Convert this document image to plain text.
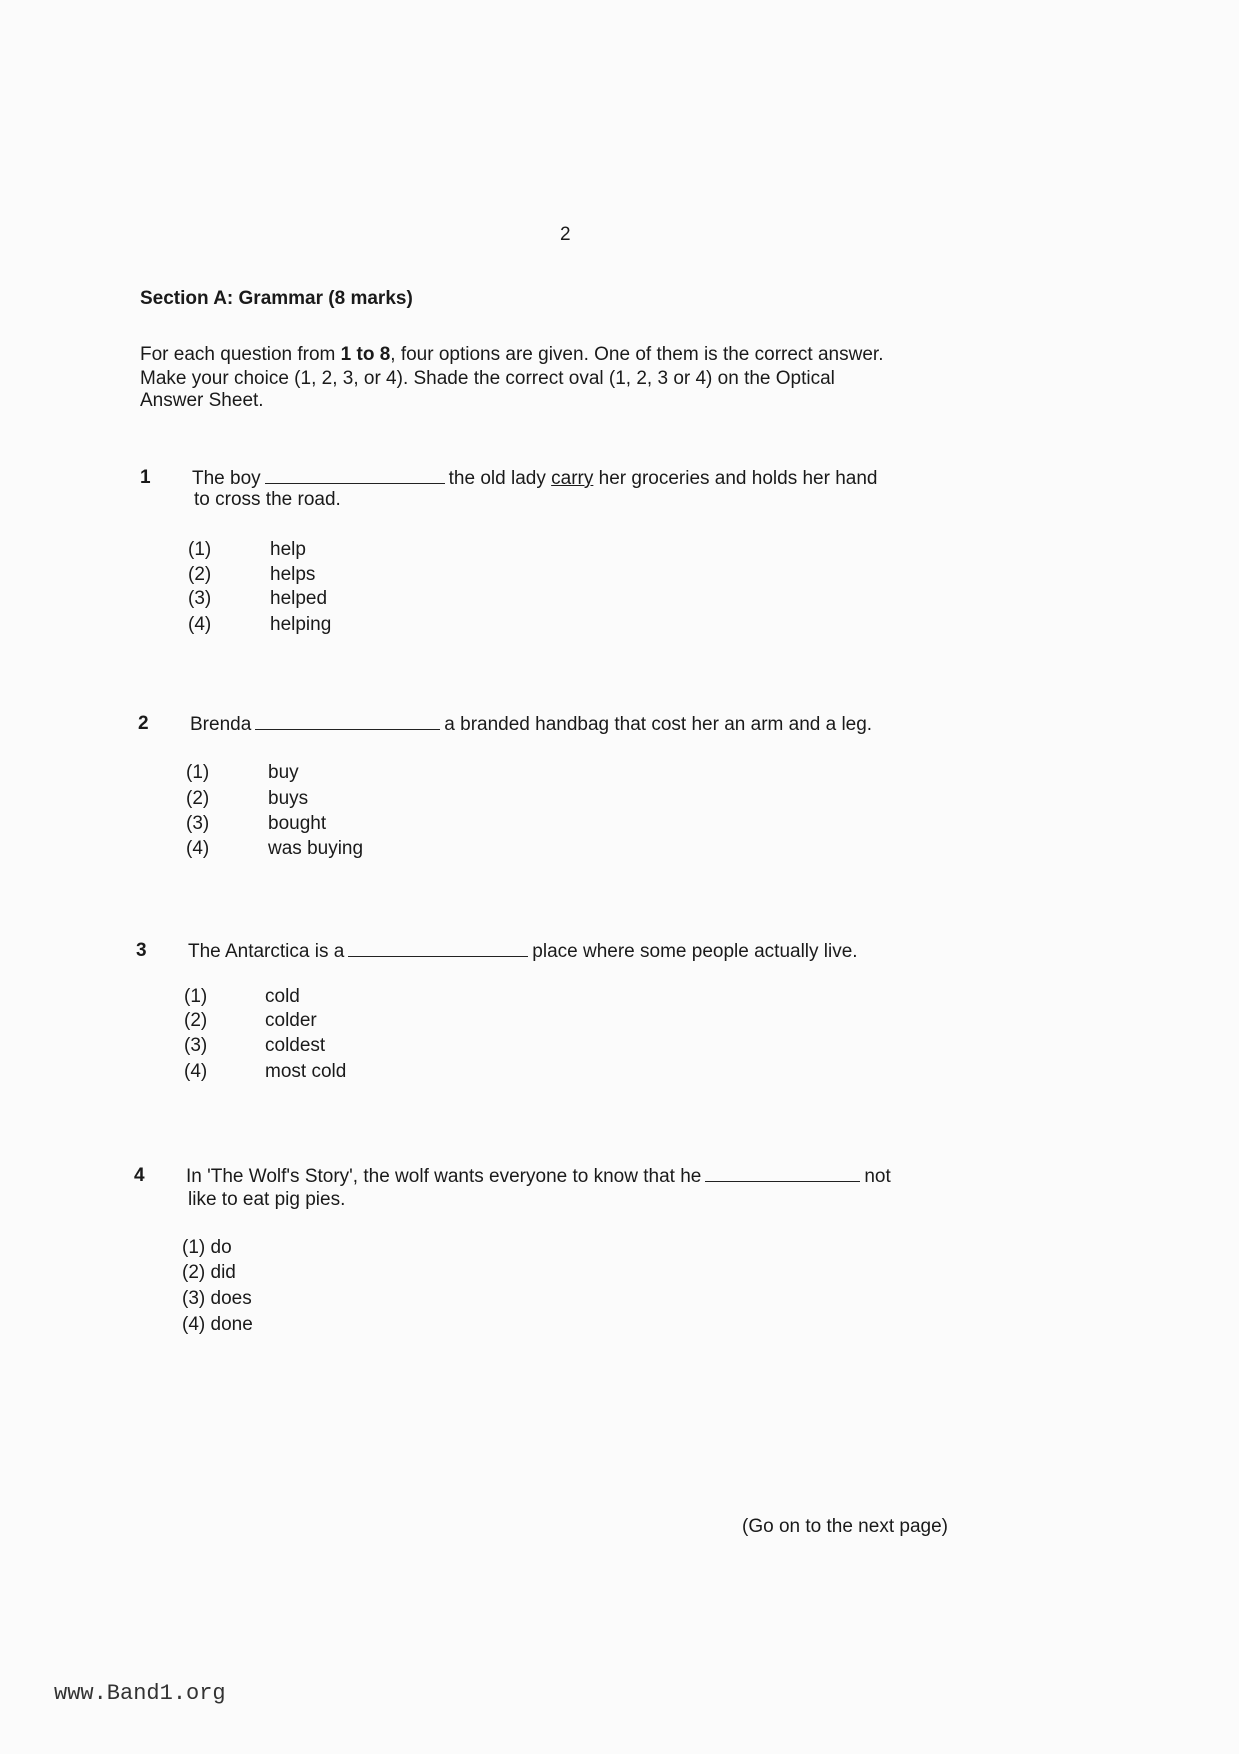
2
Section A: Grammar (8 marks)
For each question from 1 to 8, four options are given. One of them is the correct answer.
Make your choice (1, 2, 3, or 4). Shade the correct oval (1, 2, 3 or 4) on the Optical
Answer Sheet.
1 The boy	the old lady carry her groceries and holds her hand
to cross the road.
(1)	help
(2)	helps
(3)	helped
(4)	helping
2 Brenda	a branded handbag that cost her an arm and a leg.
(1)	buy
(2)	buys
(3)	bought
(4)	was buying
3 The Antarctica is a	place where some people actually live.
(1)	cold
(2)	colder
(3)	coldest
(4)	most cold
4 In 'The Wolf's Story', the wolf wants everyone to know that he	not
like to eat pig pies.
(1) do
(2) did
(3) does
(4) done
(Go on to the next page)
www.Band1.org
